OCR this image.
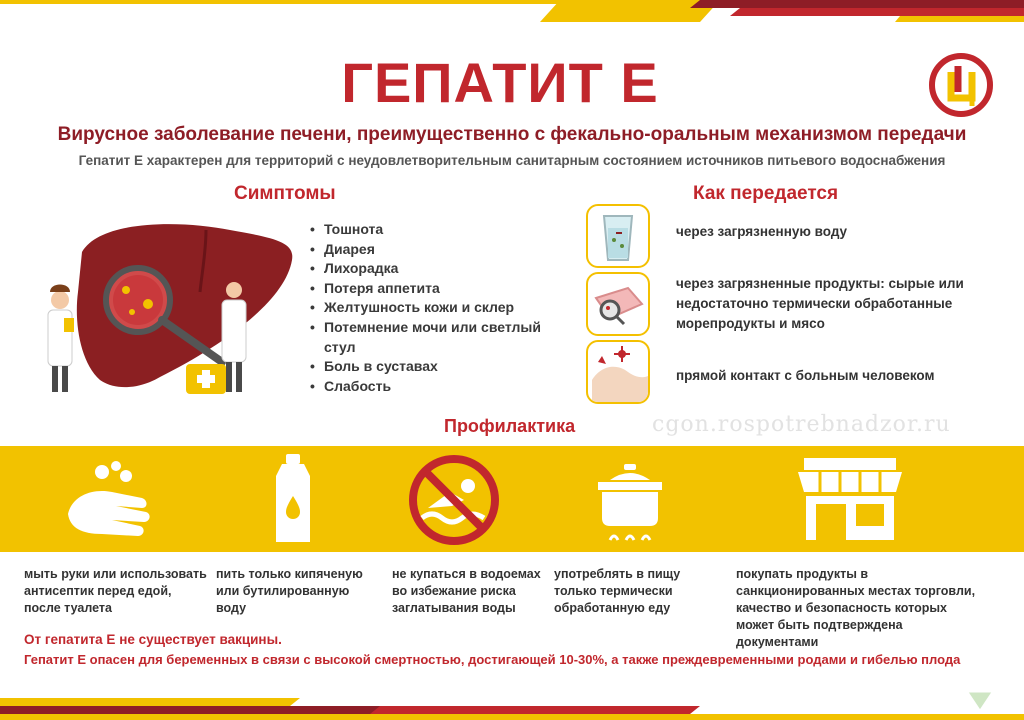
ГЕПАТИТ Е
Вирусное заболевание печени, преимущественно с фекально-оральным механизмом передачи
Гепатит Е характерен для территорий с неудовлетворительным санитарным состоянием источников питьевого водоснабжения
Симптомы	Как передается
• Тошнота
• Диарея
• Лихорадка
• Потеря аппетита
• Желтушность кожи и склер
• Потемнение мочи или светлый стул
• Боль в суставах
• Слабость
через загрязненную воду
через загрязненные продукты: сырые или недостаточно термически обработанные морепродукты и мясо
прямой контакт с больным человеком
Профилактика	cgon.rospotrebnadzor.ru
мыть руки или использовать антисептик перед едой, после туалета
пить только кипяченую или бутилированную воду
не купаться в водоемах во избежание риска заглатывания воды
употреблять в пищу только термически обработанную еду
покупать продукты в санкционированных местах торговли, качество и безопасность которых может быть подтверждена документами
От гепатита Е не существует вакцины.
Гепатит Е опасен для беременных в связи с высокой смертностью, достигающей 10-30%, а также преждевременными родами и гибелью плода
